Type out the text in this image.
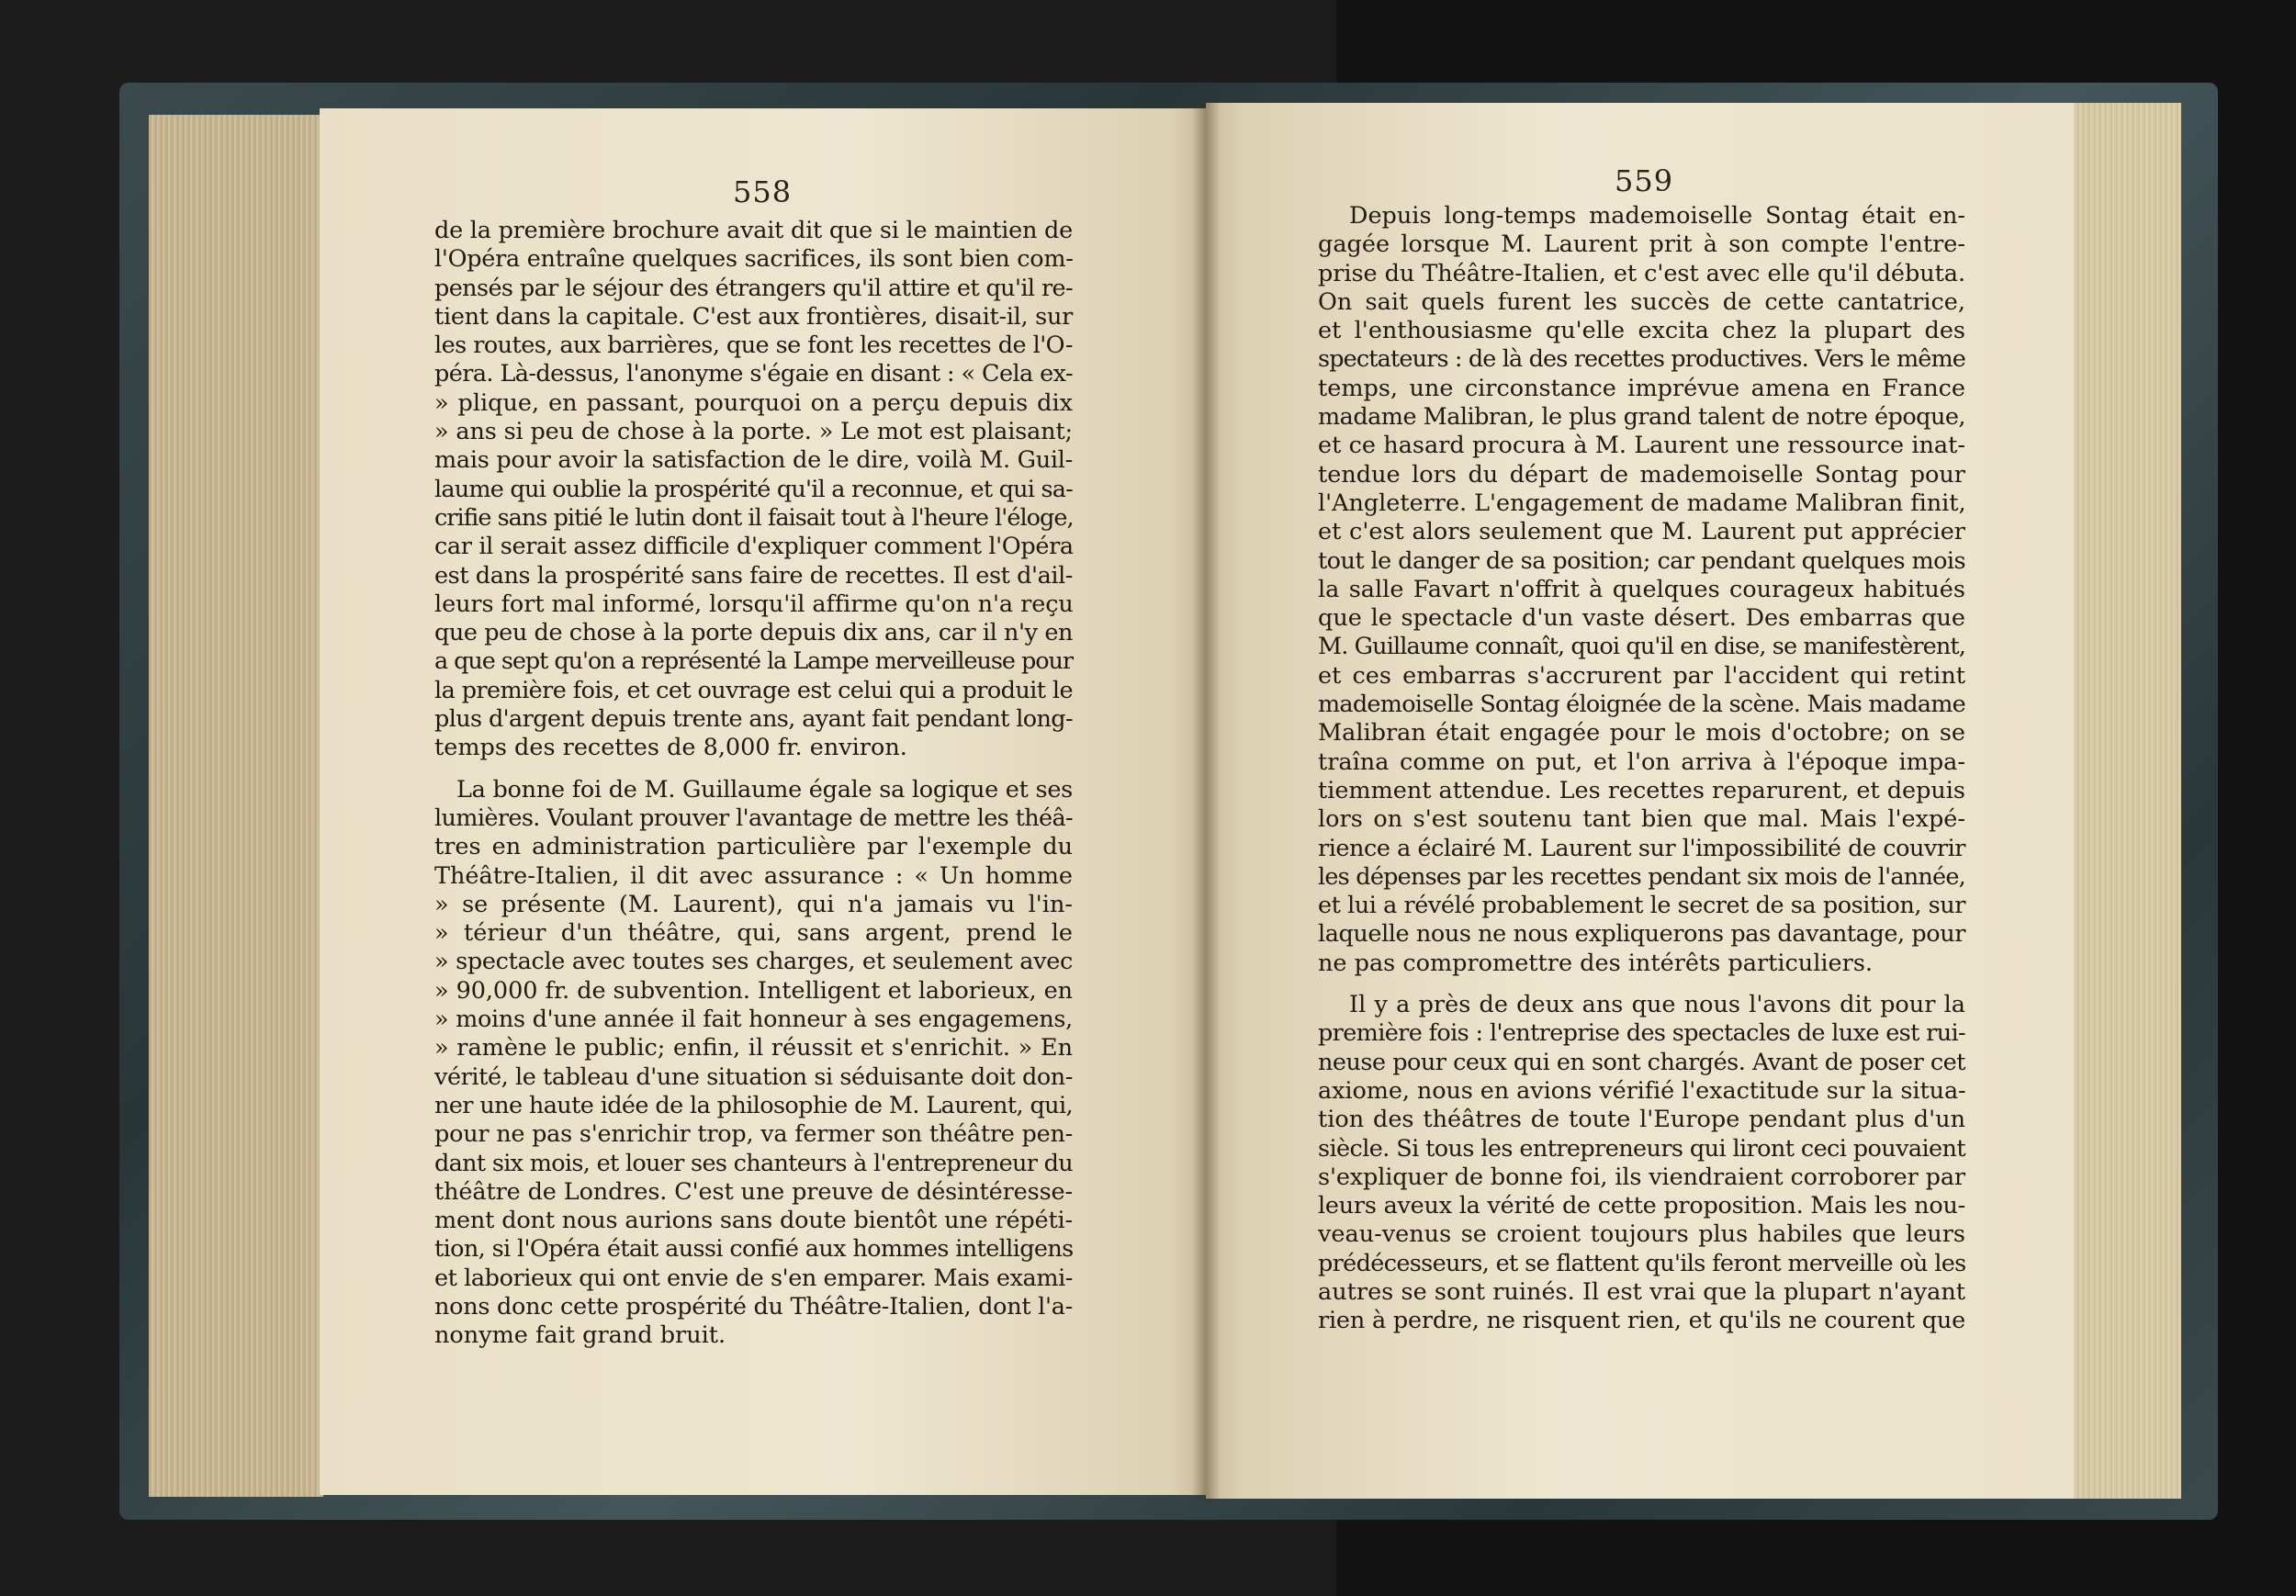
558	559
de la première brochure avait dit que si le maintien de
l'Opéra entraîne quelques sacrifices, ils sont bien com-
pensés par le séjour des étrangers qu'il attire et qu'il re-
tient dans la capitale. C'est aux frontières, disait-il, sur
les routes, aux barrières, que se font les recettes de l'O-
péra. Là-dessus, l'anonyme s'égaie en disant : « Cela ex-
» plique, en passant, pourquoi on a perçu depuis dix
» ans si peu de chose à la porte. » Le mot est plaisant;
mais pour avoir la satisfaction de le dire, voilà M. Guil-
laume qui oublie la prospérité qu'il a reconnue, et qui sa-
crifie sans pitié le lutin dont il faisait tout à l'heure l'éloge,
car il serait assez difficile d'expliquer comment l'Opéra
est dans la prospérité sans faire de recettes. Il est d'ail-
leurs fort mal informé, lorsqu'il affirme qu'on n'a reçu
que peu de chose à la porte depuis dix ans, car il n'y en
a que sept qu'on a représenté la Lampe merveilleuse pour
la première fois, et cet ouvrage est celui qui a produit le
plus d'argent depuis trente ans, ayant fait pendant long-
temps des recettes de 8,000 fr. environ.
La bonne foi de M. Guillaume égale sa logique et ses
lumières. Voulant prouver l'avantage de mettre les théâ-
tres en administration particulière par l'exemple du
Théâtre-Italien, il dit avec assurance : « Un homme
» se présente (M. Laurent), qui n'a jamais vu l'in-
» térieur d'un théâtre, qui, sans argent, prend le
» spectacle avec toutes ses charges, et seulement avec
» 90,000 fr. de subvention. Intelligent et laborieux, en
» moins d'une année il fait honneur à ses engagemens,
» ramène le public; enfin, il réussit et s'enrichit. » En
vérité, le tableau d'une situation si séduisante doit don-
ner une haute idée de la philosophie de M. Laurent, qui,
pour ne pas s'enrichir trop, va fermer son théâtre pen-
dant six mois, et louer ses chanteurs à l'entrepreneur du
théâtre de Londres. C'est une preuve de désintéresse-
ment dont nous aurions sans doute bientôt une répéti-
tion, si l'Opéra était aussi confié aux hommes intelligens
et laborieux qui ont envie de s'en emparer. Mais exami-
nons donc cette prospérité du Théâtre-Italien, dont l'a-
nonyme fait grand bruit.
Depuis long-temps mademoiselle Sontag était en-
gagée lorsque M. Laurent prit à son compte l'entre-
prise du Théâtre-Italien, et c'est avec elle qu'il débuta.
On sait quels furent les succès de cette cantatrice,
et l'enthousiasme qu'elle excita chez la plupart des
spectateurs : de là des recettes productives. Vers le même
temps, une circonstance imprévue amena en France
madame Malibran, le plus grand talent de notre époque,
et ce hasard procura à M. Laurent une ressource inat-
tendue lors du départ de mademoiselle Sontag pour
l'Angleterre. L'engagement de madame Malibran finit,
et c'est alors seulement que M. Laurent put apprécier
tout le danger de sa position; car pendant quelques mois
la salle Favart n'offrit à quelques courageux habitués
que le spectacle d'un vaste désert. Des embarras que
M. Guillaume connaît, quoi qu'il en dise, se manifestèrent,
et ces embarras s'accrurent par l'accident qui retint
mademoiselle Sontag éloignée de la scène. Mais madame
Malibran était engagée pour le mois d'octobre; on se
traîna comme on put, et l'on arriva à l'époque impa-
tiemment attendue. Les recettes reparurent, et depuis
lors on s'est soutenu tant bien que mal. Mais l'expé-
rience a éclairé M. Laurent sur l'impossibilité de couvrir
les dépenses par les recettes pendant six mois de l'année,
et lui a révélé probablement le secret de sa position, sur
laquelle nous ne nous expliquerons pas davantage, pour
ne pas compromettre des intérêts particuliers.
Il y a près de deux ans que nous l'avons dit pour la
première fois : l'entreprise des spectacles de luxe est rui-
neuse pour ceux qui en sont chargés. Avant de poser cet
axiome, nous en avions vérifié l'exactitude sur la situa-
tion des théâtres de toute l'Europe pendant plus d'un
siècle. Si tous les entrepreneurs qui liront ceci pouvaient
s'expliquer de bonne foi, ils viendraient corroborer par
leurs aveux la vérité de cette proposition. Mais les nou-
veau-venus se croient toujours plus habiles que leurs
prédécesseurs, et se flattent qu'ils feront merveille où les
autres se sont ruinés. Il est vrai que la plupart n'ayant
rien à perdre, ne risquent rien, et qu'ils ne courent que
